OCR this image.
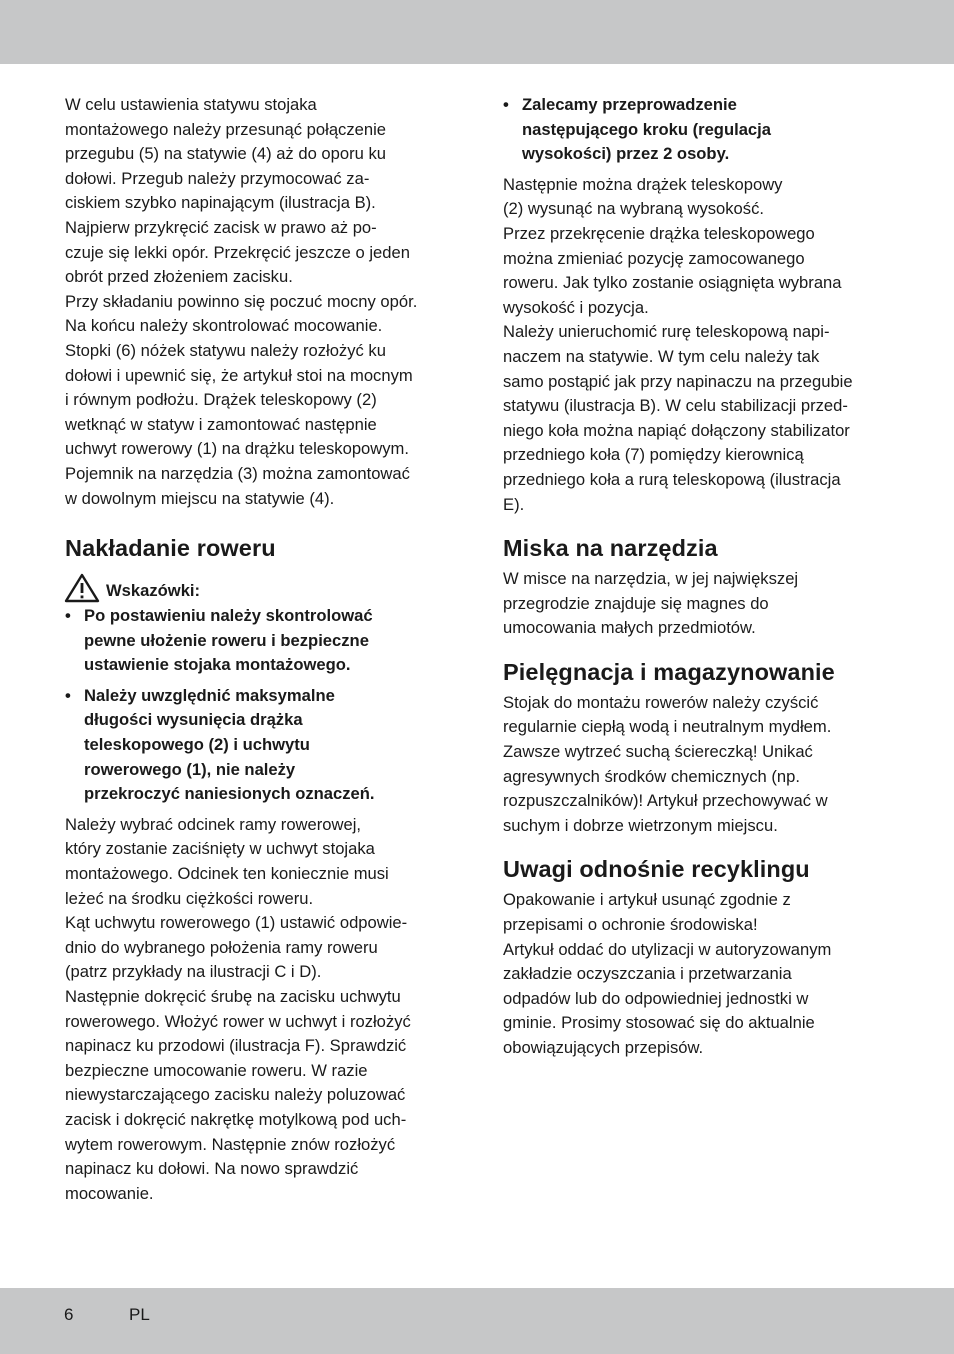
W celu ustawienia statywu stojaka
montażowego należy przesunąć połączenie
przegubu (5) na statywie (4) aż do oporu ku
dołowi. Przegub należy przymocować za-
ciskiem szybko napinającym (ilustracja B).
Najpierw przykręcić zacisk w prawo aż po-
czuje się lekki opór. Przekręcić jeszcze o jeden
obrót przed złożeniem zacisku.
Przy składaniu powinno się poczuć mocny opór.
Na końcu należy skontrolować mocowanie.
Stopki (6) nóżek statywu należy rozłożyć ku
dołowi i upewnić się, że artykuł stoi na mocnym
i równym podłożu. Drążek teleskopowy (2)
wetknąć w statyw i zamontować następnie
uchwyt rowerowy (1) na drążku teleskopowym.
Pojemnik na narzędzia (3) można zamontować
w dowolnym miejscu na statywie (4).

Nakładanie roweru
Wskazówki:
• Po postawieniu należy skontrolować
pewne ułożenie roweru i bezpieczne
ustawienie stojaka montażowego.
• Należy uwzględnić maksymalne
długości wysunięcia drążka
teleskopowego (2) i uchwytu
rowerowego (1), nie należy
przekroczyć naniesionych oznaczeń.

Należy wybrać odcinek ramy rowerowej,
który zostanie zaciśnięty w uchwyt stojaka
montażowego. Odcinek ten koniecznie musi
leżeć na środku ciężkości roweru.
Kąt uchwytu rowerowego (1) ustawić odpowie-
dnio do wybranego położenia ramy roweru
(patrz przykłady na ilustracji C i D).
Następnie dokręcić śrubę na zacisku uchwytu
rowerowego. Włożyć rower w uchwyt i rozłożyć
napinacz ku przodowi (ilustracja F). Sprawdzić
bezpieczne umocowanie roweru. W razie
niewystarczającego zacisku należy poluzować
zacisk i dokręcić nakrętkę motylkową pod uch-
wytem rowerowym. Następnie znów rozłożyć
napinacz ku dołowi. Na nowo sprawdzić
mocowanie.

• Zalecamy przeprowadzenie
następującego kroku (regulacja
wysokości) przez 2 osoby.

Następnie można drążek teleskopowy
(2) wysunąć na wybraną wysokość.
Przez przekręcenie drążka teleskopowego
można zmieniać pozycję zamocowanego
roweru. Jak tylko zostanie osiągnięta wybrana
wysokość i pozycja.
Należy unieruchomić rurę teleskopową napi-
naczem na statywie. W tym celu należy tak
samo postąpić jak przy napinaczu na przegubie
statywu (ilustracja B). W celu stabilizacji przed-
niego koła można napiąć dołączony stabilizator
przedniego koła (7) pomiędzy kierownicą
przedniego koła a rurą teleskopową (ilustracja
E).

Miska na narzędzia

W misce na narzędzia, w jej największej
przegrodzie znajduje się magnes do
umocowania małych przedmiotów.

Pielęgnacja i magazynowanie

Stojak do montażu rowerów należy czyścić
regularnie ciepłą wodą i neutralnym mydłem.
Zawsze wytrzeć suchą ściereczką! Unikać
agresywnych środków chemicznych (np.
rozpuszczalników)! Artykuł przechowywać w
suchym i dobrze wietrzonym miejscu.

Uwagi odnośnie recyklingu

Opakowanie i artykuł usunąć zgodnie z
przepisami o ochronie środowiska!
Artykuł oddać do utylizacji w autoryzowanym
zakładzie oczyszczania i przetwarzania
odpadów lub do odpowiedniej jednostki w
gminie. Prosimy stosować się do aktualnie
obowiązujących przepisów.

6	PL
